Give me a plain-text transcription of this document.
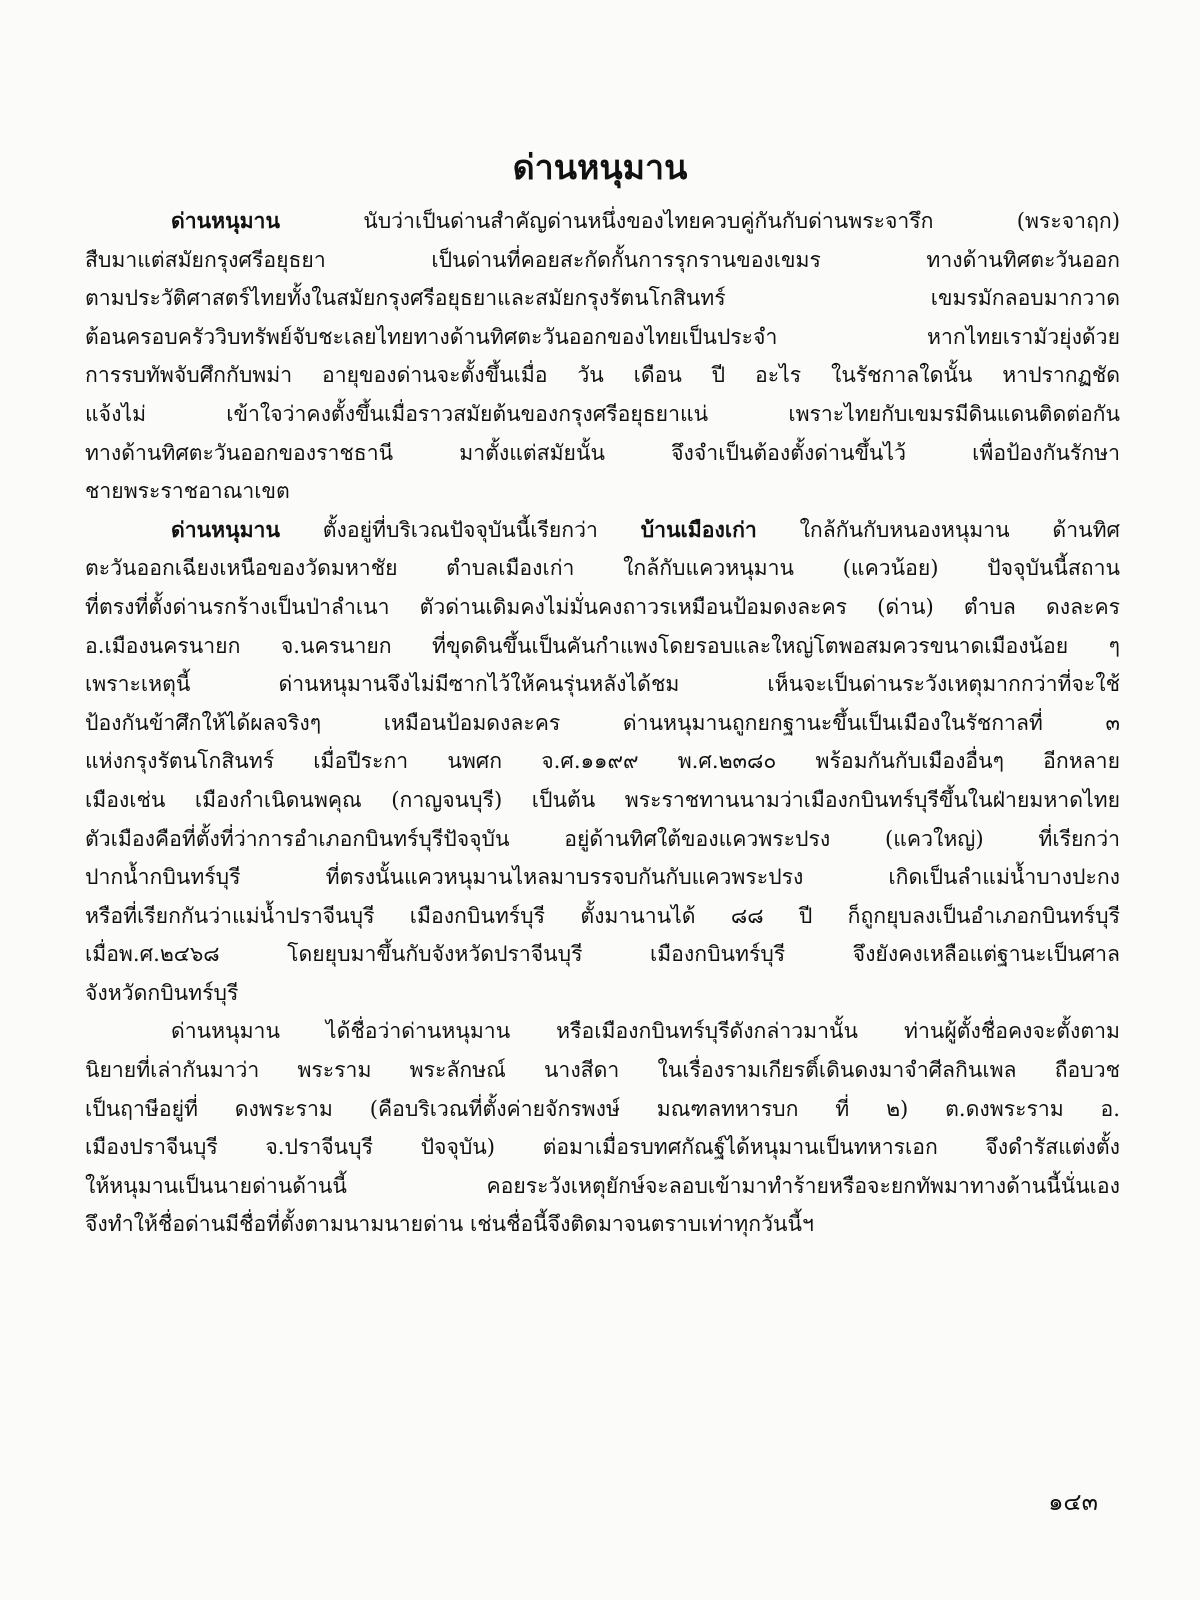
ด่านหนุมาน
ด่านหนุมาน นับว่าเป็นด่านสำคัญด่านหนึ่งของไทยควบคู่กันกับด่านพระจารึก (พระจาฤก)
สืบมาแต่สมัยกรุงศรีอยุธยา เป็นด่านที่คอยสะกัดกั้นการรุกรานของเขมร ทางด้านทิศตะวันออก
ตามประวัติศาสตร์ไทยทั้งในสมัยกรุงศรีอยุธยาและสมัยกรุงรัตนโกสินทร์ เขมรมักลอบมากวาด
ต้อนครอบครัววิบทรัพย์จับชะเลยไทยทางด้านทิศตะวันออกของไทยเป็นประจำ หากไทยเรามัวยุ่งด้วย
การรบทัพจับศึกกับพม่า อายุของด่านจะตั้งขึ้นเมื่อ วัน เดือน ปี อะไร ในรัชกาลใดนั้น หาปรากฏชัด
แจ้งไม่ เข้าใจว่าคงตั้งขึ้นเมื่อราวสมัยต้นของกรุงศรีอยุธยาแน่ เพราะไทยกับเขมรมีดินแดนติดต่อกัน
ทางด้านทิศตะวันออกของราชธานี มาตั้งแต่สมัยนั้น จึงจำเป็นต้องตั้งด่านขึ้นไว้ เพื่อป้องกันรักษา
ชายพระราชอาณาเขต
ด่านหนุมาน ตั้งอยู่ที่บริเวณปัจจุบันนี้เรียกว่า บ้านเมืองเก่า ใกล้กันกับหนองหนุมาน ด้านทิศ
ตะวันออกเฉียงเหนือของวัดมหาชัย ตำบลเมืองเก่า ใกล้กับแควหนุมาน (แควน้อย) ปัจจุบันนี้สถาน
ที่ตรงที่ตั้งด่านรกร้างเป็นป่าลำเนา ตัวด่านเดิมคงไม่มั่นคงถาวรเหมือนป้อมดงละคร (ด่าน) ตำบล ดงละคร
อ.เมืองนครนายก จ.นครนายก ที่ขุดดินขึ้นเป็นคันกำแพงโดยรอบและใหญ่โตพอสมควรขนาดเมืองน้อย ๆ
เพราะเหตุนี้ ด่านหนุมานจึงไม่มีซากไว้ให้คนรุ่นหลังได้ชม เห็นจะเป็นด่านระวังเหตุมากกว่าที่จะใช้
ป้องกันข้าศึกให้ได้ผลจริงๆ เหมือนป้อมดงละคร ด่านหนุมานถูกยกฐานะขึ้นเป็นเมืองในรัชกาลที่ ๓
แห่งกรุงรัตนโกสินทร์ เมื่อปีระกา นพศก จ.ศ.๑๑๙๙ พ.ศ.๒๓๘๐ พร้อมกันกับเมืองอื่นๆ อีกหลาย
เมืองเช่น เมืองกำเนิดนพคุณ (กาญจนบุรี) เป็นต้น พระราชทานนามว่าเมืองกบินทร์บุรีขึ้นในฝ่ายมหาดไทย
ตัวเมืองคือที่ตั้งที่ว่าการอำเภอกบินทร์บุรีปัจจุบัน อยู่ด้านทิศใต้ของแควพระปรง (แควใหญ่) ที่เรียกว่า
ปากน้ำกบินทร์บุรี ที่ตรงนั้นแควหนุมานไหลมาบรรจบกันกับแควพระปรง เกิดเป็นลำแม่น้ำบางปะกง
หรือที่เรียกกันว่าแม่น้ำปราจีนบุรี เมืองกบินทร์บุรี ตั้งมานานได้ ๘๘ ปี ก็ถูกยุบลงเป็นอำเภอกบินทร์บุรี
เมื่อพ.ศ.๒๔๖๘ โดยยุบมาขึ้นกับจังหวัดปราจีนบุรี เมืองกบินทร์บุรี จึงยังคงเหลือแต่ฐานะเป็นศาล
จังหวัดกบินทร์บุรี
ด่านหนุมาน ได้ชื่อว่าด่านหนุมาน หรือเมืองกบินทร์บุรีดังกล่าวมานั้น ท่านผู้ตั้งชื่อคงจะตั้งตาม
นิยายที่เล่ากันมาว่า พระราม พระลักษณ์ นางสีดา ในเรื่องรามเกียรติ์เดินดงมาจำศีลกินเพล ถือบวช
เป็นฤาษีอยู่ที่ ดงพระราม (คือบริเวณที่ตั้งค่ายจักรพงษ์ มณฑลทหารบก ที่ ๒) ต.ดงพระราม อ.
เมืองปราจีนบุรี จ.ปราจีนบุรี ปัจจุบัน) ต่อมาเมื่อรบทศกัณฐ์ได้หนุมานเป็นทหารเอก จึงดำรัสแต่งตั้ง
ให้หนุมานเป็นนายด่านด้านนี้ คอยระวังเหตุยักษ์จะลอบเข้ามาทำร้ายหรือจะยกทัพมาทางด้านนี้นั่นเอง
จึงทำให้ชื่อด่านมีชื่อที่ตั้งตามนามนายด่าน เช่นชื่อนี้จึงติดมาจนตราบเท่าทุกวันนี้ฯ
๑๔๓
